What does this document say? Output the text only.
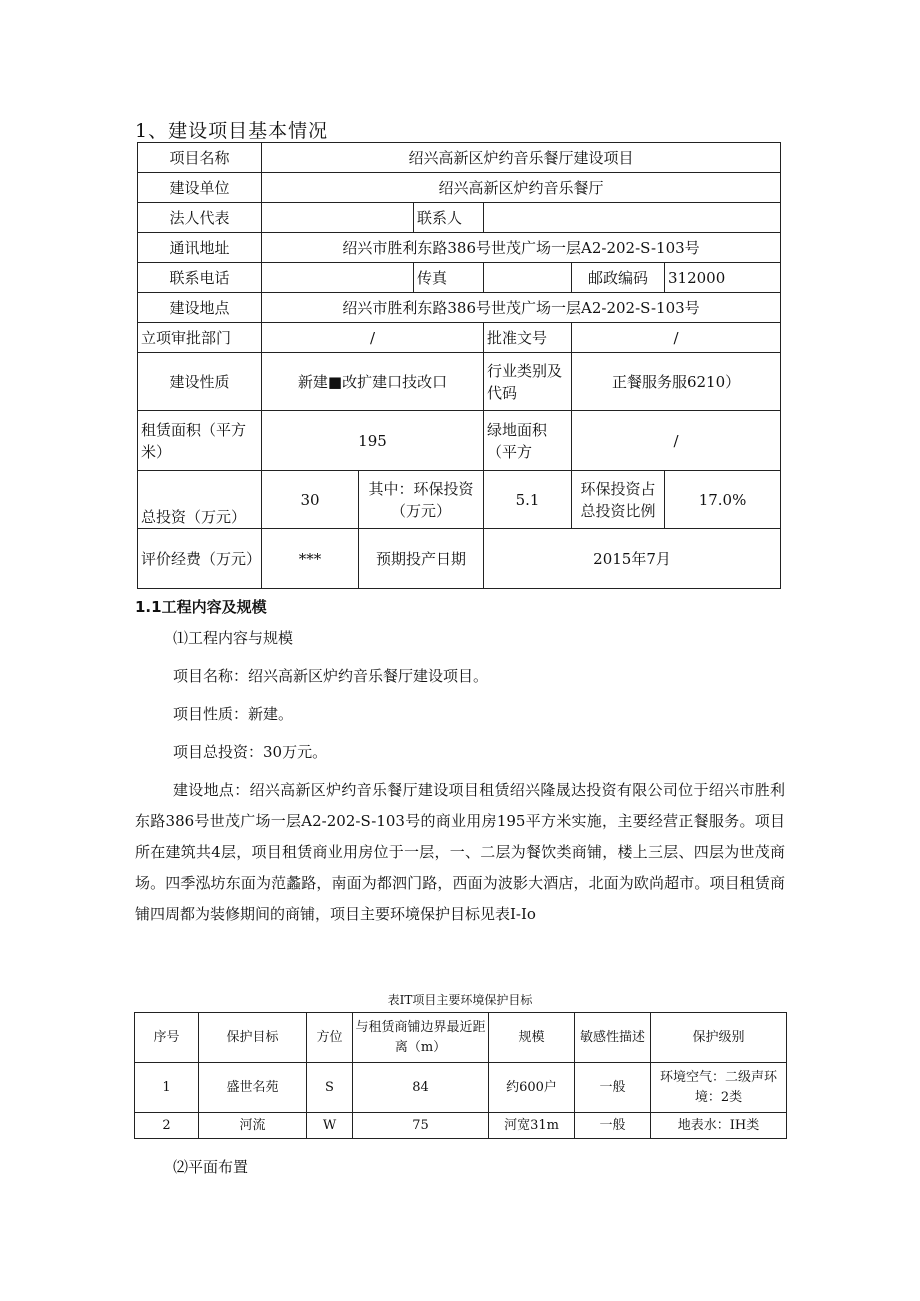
1、建设项目基本情况
项目名称	绍兴高新区炉约音乐餐厅建设项目					
建设单位	绍兴高新区炉约音乐餐厅					
法人代表			联系人			
通讯地址	绍兴市胜利东路386号世茂广场一层A2-202-S-103号					
联系电话			传真		邮政编码	312000
建设地点	绍兴市胜利东路386号世茂广场一层A2-202-S-103号					
立项审批部门	/			批准文号	/	
建设性质	新建■改扩建口技改口			行业类别及代码	正餐服务服6210）	
租赁面积（平方米）	195			绿地面积（平方	/	
总投资（万元）	30	其中：环保投资（万元）		5.1	环保投资占总投资比例	17.0%
评价经费（万元）	***	预期投产日期		2015年7月		
1.1工程内容及规模
⑴工程内容与规模
项目名称：绍兴高新区炉约音乐餐厅建设项目。
项目性质：新建。
项目总投资：30万元。
建设地点：绍兴高新区炉约音乐餐厅建设项目租赁绍兴隆晟达投资有限公司位于绍兴市胜利东路386号世茂广场一层A2-202-S-103号的商业用房195平方米实施，主要经营正餐服务。项目所在建筑共4层，项目租赁商业用房位于一层，一、二层为餐饮类商铺，楼上三层、四层为世茂商场。四季泓坊东面为范蠡路，南面为都泗门路，西面为波影大酒店，北面为欧尚超市。项目租赁商铺四周都为装修期间的商铺，项目主要环境保护目标见表I-Io
表IT项目主要环境保护目标
序号	保护目标	方位	与租赁商铺边界最近距离（m）	规模	敏感性描述	保护级别
1	盛世名苑	S	84	约600户	一般	环境空气：二级声环境：2类
2	河流	W	75	河宽31m	一般	地表水：IH类
⑵平面布置
